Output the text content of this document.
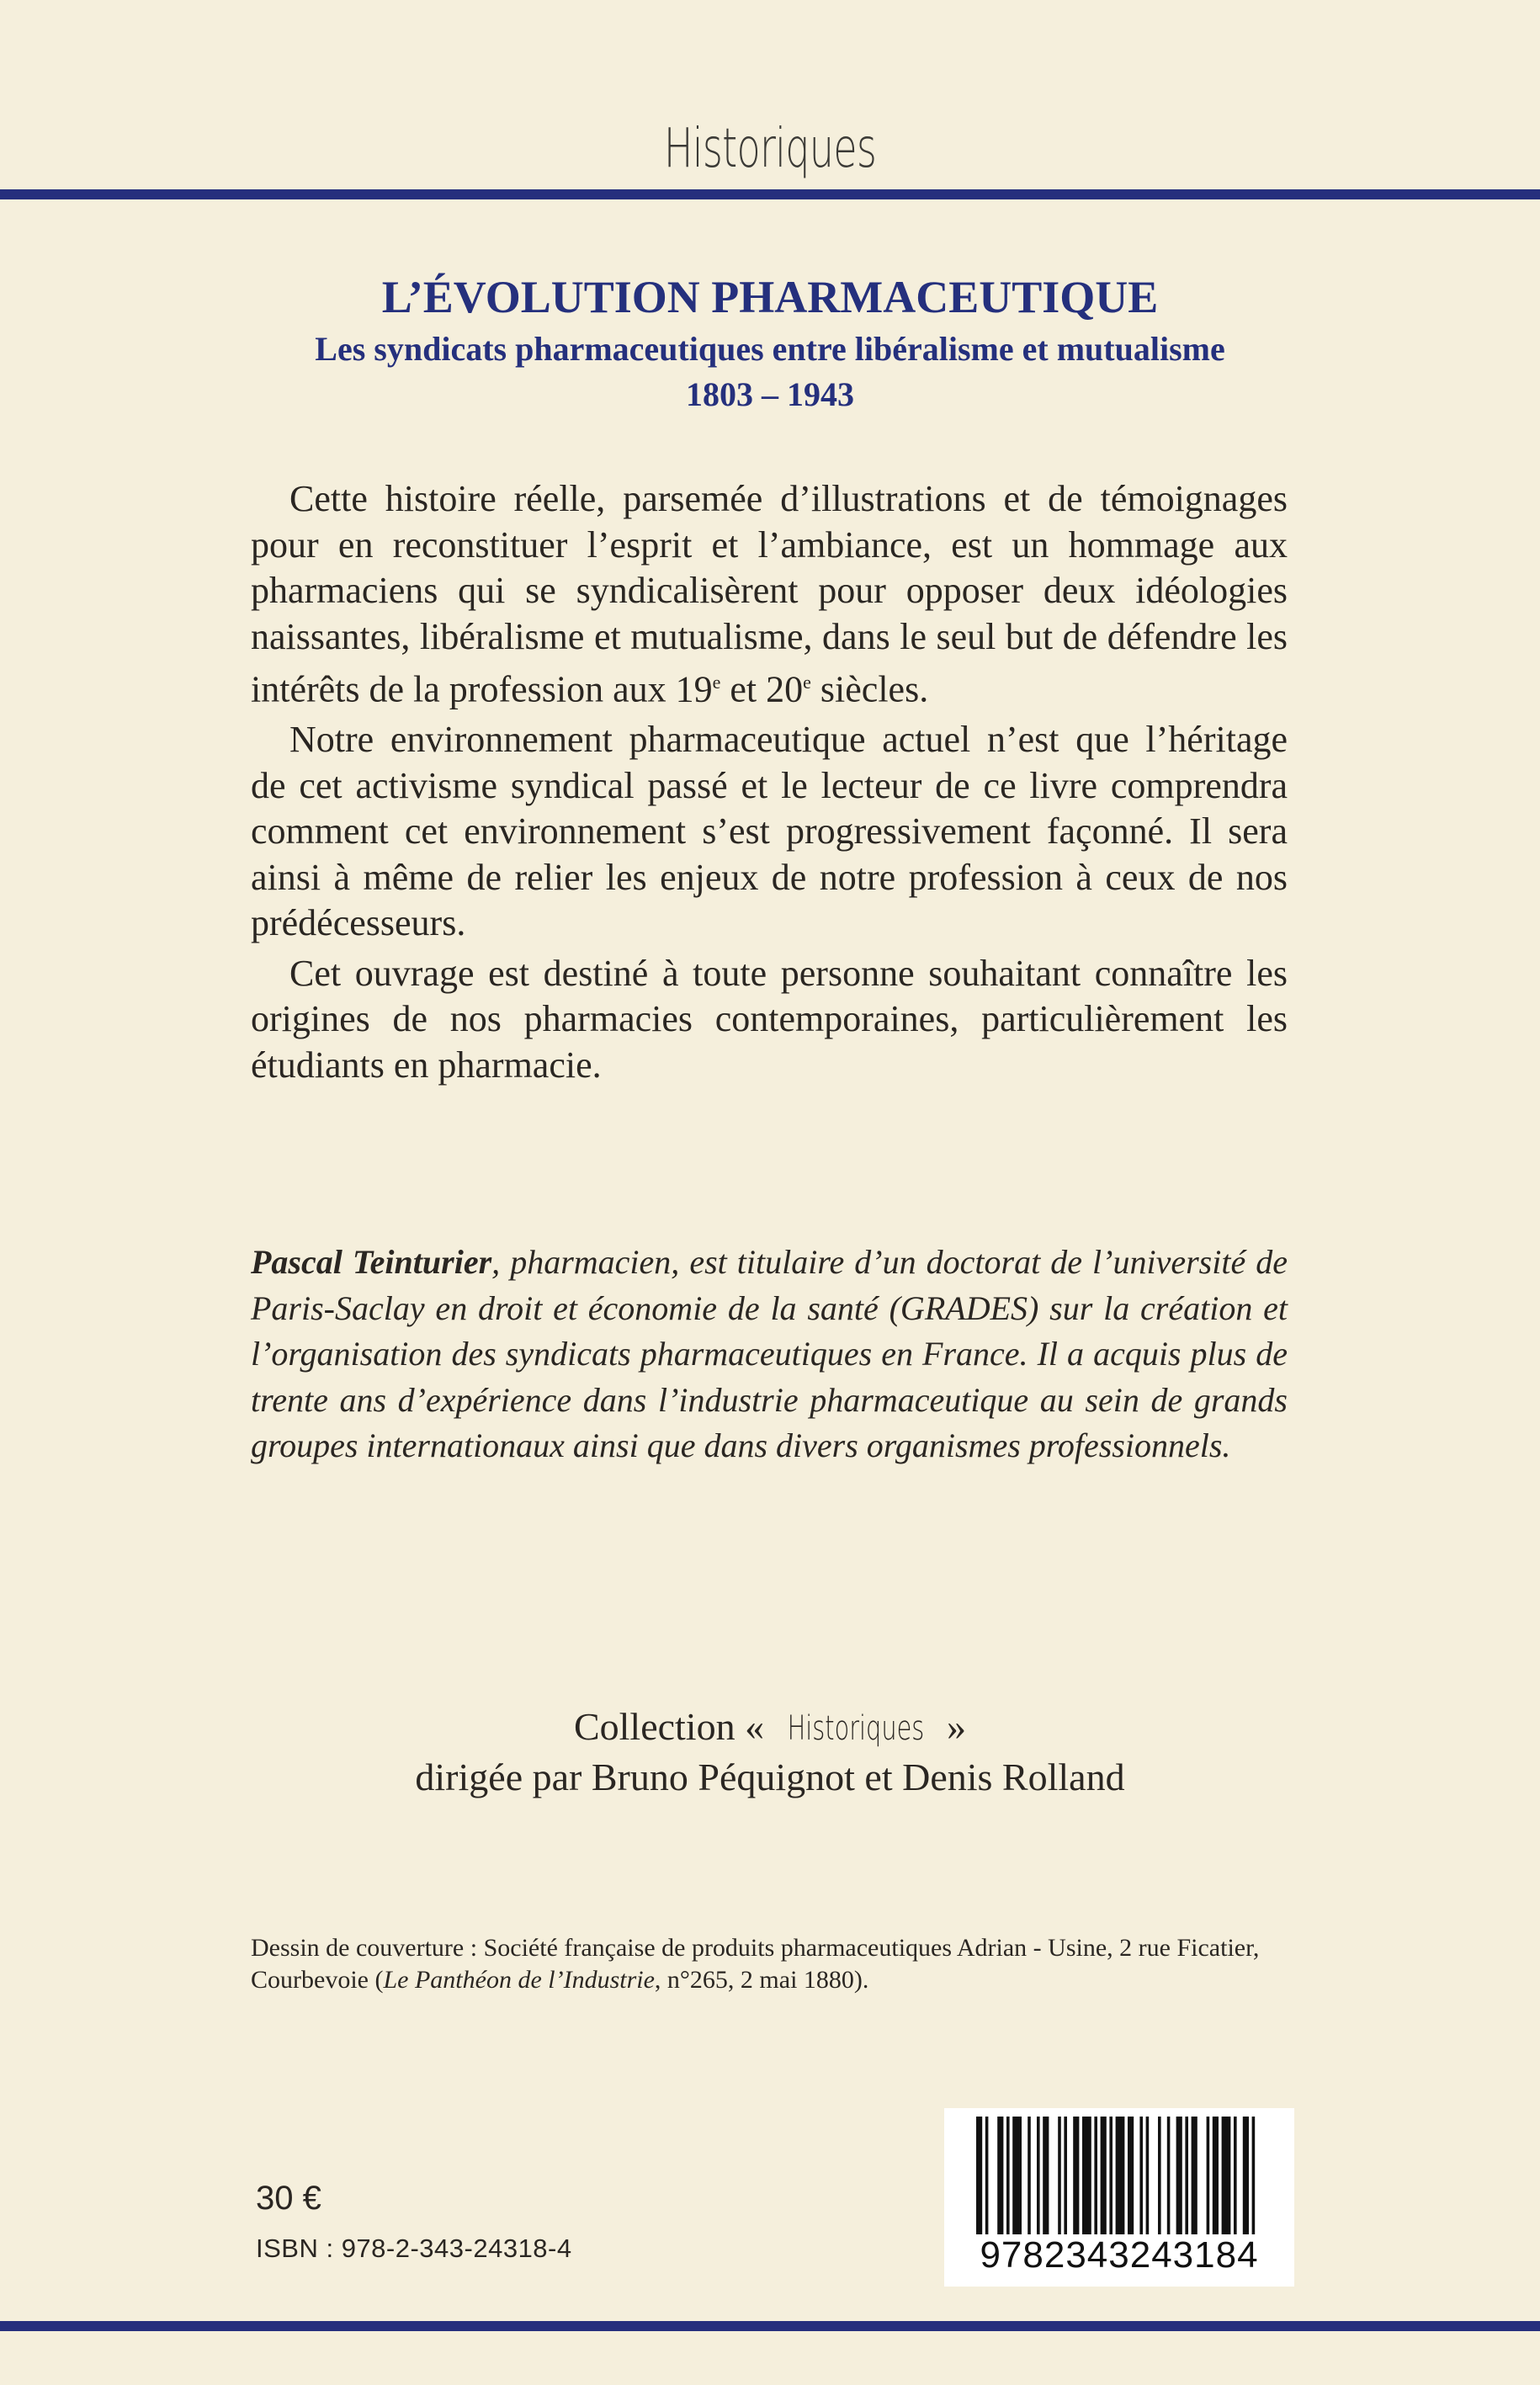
Historiques
L’ÉVOLUTION PHARMACEUTIQUE
Les syndicats pharmaceutiques entre libéralisme et mutualisme
1803 – 1943

Cette histoire réelle, parsemée d’illustrations et de témoignages pour en reconstituer l’esprit et l’ambiance, est un hommage aux pharmaciens qui se syndicalisèrent pour opposer deux idéologies naissantes, libéralisme et mutualisme, dans le seul but de défendre les intérêts de la profession aux 19e et 20e siècles.

Notre environnement pharmaceutique actuel n’est que l’héritage de cet activisme syndical passé et le lecteur de ce livre comprendra comment cet environnement s’est progressivement façonné. Il sera ainsi à même de relier les enjeux de notre profession à ceux de nos prédécesseurs.

Cet ouvrage est destiné à toute personne souhaitant connaître les origines de nos pharmacies contemporaines, particulièrement les étudiants en pharmacie.

Pascal Teinturier, pharmacien, est titulaire d’un doctorat de l’université de Paris-Saclay en droit et économie de la santé (GRADES) sur la création et l’organisation des syndicats pharmaceutiques en France. Il a acquis plus de trente ans d’expérience dans l’industrie pharmaceutique au sein de grands groupes internationaux ainsi que dans divers organismes professionnels.
Collection « Historiques »
dirigée par Bruno Péquignot et Denis Rolland
Dessin de couverture : Société française de produits pharmaceutiques Adrian - Usine, 2 rue Ficatier, Courbevoie (Le Panthéon de l’Industrie, n°265, 2 mai 1880).
30 €
ISBN : 978-2-343-24318-4	9782343243184
